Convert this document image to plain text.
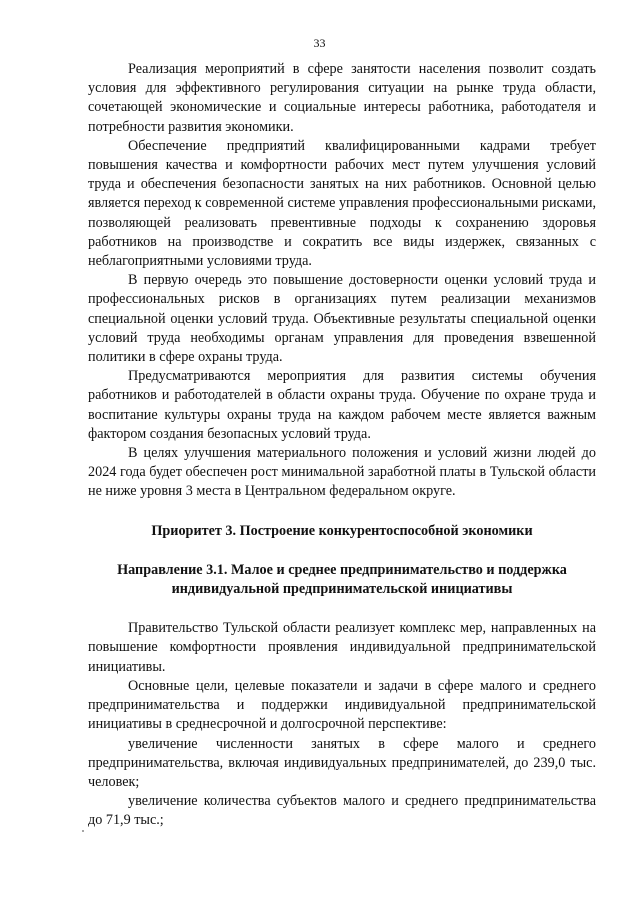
33

Реализация мероприятий в сфере занятости населения позволит создать условия для эффективного регулирования ситуации на рынке труда области, сочетающей экономические и социальные интересы работника, работодателя и потребности развития экономики.

Обеспечение предприятий квалифицированными кадрами требует повышения качества и комфортности рабочих мест путем улучшения условий труда и обеспечения безопасности занятых на них работников. Основной целью является переход к современной системе управления профессиональными рисками, позволяющей реализовать превентивные подходы к сохранению здоровья работников на производстве и сократить все виды издержек, связанных с неблагоприятными условиями труда.

В первую очередь это повышение достоверности оценки условий труда и профессиональных рисков в организациях путем реализации механизмов специальной оценки условий труда. Объективные результаты специальной оценки условий труда необходимы органам управления для проведения взвешенной политики в сфере охраны труда.

Предусматриваются мероприятия для развития системы обучения работников и работодателей в области охраны труда. Обучение по охране труда и воспитание культуры охраны труда на каждом рабочем месте является важным фактором создания безопасных условий труда.

В целях улучшения материального положения и условий жизни людей до 2024 года будет обеспечен рост минимальной заработной платы в Тульской области не ниже уровня 3 места в Центральном федеральном округе.

Приоритет 3. Построение конкурентоспособной экономики

Направление 3.1. Малое и среднее предпринимательство и поддержка индивидуальной предпринимательской инициативы

Правительство Тульской области реализует комплекс мер, направленных на повышение комфортности проявления индивидуальной предпринимательской инициативы.

Основные цели, целевые показатели и задачи в сфере малого и среднего предпринимательства и поддержки индивидуальной предпринимательской инициативы в среднесрочной и долгосрочной перспективе:

увеличение численности занятых в сфере малого и среднего предпринимательства, включая индивидуальных предпринимателей, до 239,0 тыс. человек;

увеличение количества субъектов малого и среднего предпринимательства до 71,9 тыс.;
